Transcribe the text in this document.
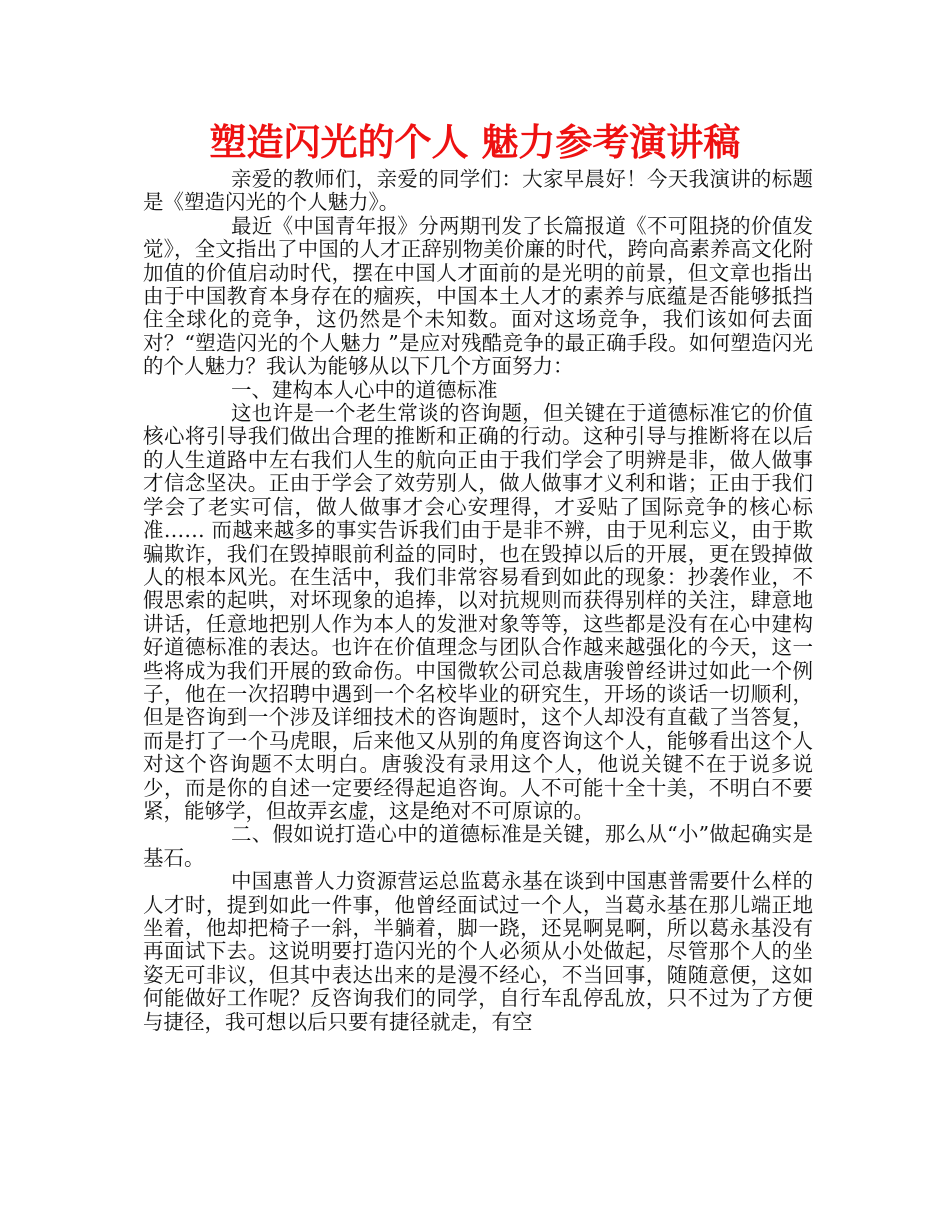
塑造闪光的个人 魅力参考演讲稿

亲爱的教师们，亲爱的同学们：大家早晨好！今天我演讲的标题是《塑造闪光的个人魅力》。

最近《中国青年报》分两期刊发了长篇报道《不可阻挠的价值发觉》，全文指出了中国的人才正辞别物美价廉的时代，跨向高素养高文化附加值的价值启动时代，摆在中国人才面前的是光明的前景，但文章也指出由于中国教育本身存在的痼疾，中国本土人才的素养与底蕴是否能够抵挡住全球化的竞争，这仍然是个未知数。面对这场竞争，我们该如何去面对？“塑造闪光的个人魅力 ”是应对残酷竞争的最正确手段。如何塑造闪光的个人魅力？我认为能够从以下几个方面努力：

一、建构本人心中的道德标准

这也许是一个老生常谈的咨询题，但关键在于道德标准它的价值核心将引导我们做出合理的推断和正确的行动。这种引导与推断将在以后的人生道路中左右我们人生的航向正由于我们学会了明辨是非，做人做事才信念坚决。正由于学会了效劳别人，做人做事才义利和谐；正由于我们学会了老实可信，做人做事才会心安理得，才妥贴了国际竞争的核心标准…… 而越来越多的事实告诉我们由于是非不辨，由于见利忘义，由于欺骗欺诈，我们在毁掉眼前利益的同时，也在毁掉以后的开展，更在毁掉做人的根本风光。在生活中，我们非常容易看到如此的现象：抄袭作业，不假思索的起哄，对坏现象的追捧，以对抗规则而获得别样的关注，肆意地讲话，任意地把别人作为本人的发泄对象等等，这些都是没有在心中建构好道德标准的表达。也许在价值理念与团队合作越来越强化的今天，这一些将成为我们开展的致命伤。中国微软公司总裁唐骏曾经讲过如此一个例子，他在一次招聘中遇到一个名校毕业的研究生，开场的谈话一切顺利，但是咨询到一个涉及详细技术的咨询题时，这个人却没有直截了当答复，而是打了一个马虎眼，后来他又从别的角度咨询这个人，能够看出这个人对这个咨询题不太明白。唐骏没有录用这个人，他说关键不在于说多说少，而是你的自述一定要经得起追咨询。人不可能十全十美，不明白不要紧，能够学，但故弄玄虚，这是绝对不可原谅的。

二、假如说打造心中的道德标准是关键，那么从“小”做起确实是基石。

中国惠普人力资源营运总监葛永基在谈到中国惠普需要什么样的人才时，提到如此一件事，他曾经面试过一个人，当葛永基在那儿端正地坐着，他却把椅子一斜，半躺着，脚一跷，还晃啊晃啊，所以葛永基没有再面试下去。这说明要打造闪光的个人必须从小处做起，尽管那个人的坐姿无可非议，但其中表达出来的是漫不经心，不当回事，随随意便，这如何能做好工作呢？反咨询我们的同学，自行车乱停乱放，只不过为了方便与捷径，我可想以后只要有捷径就走，有空
